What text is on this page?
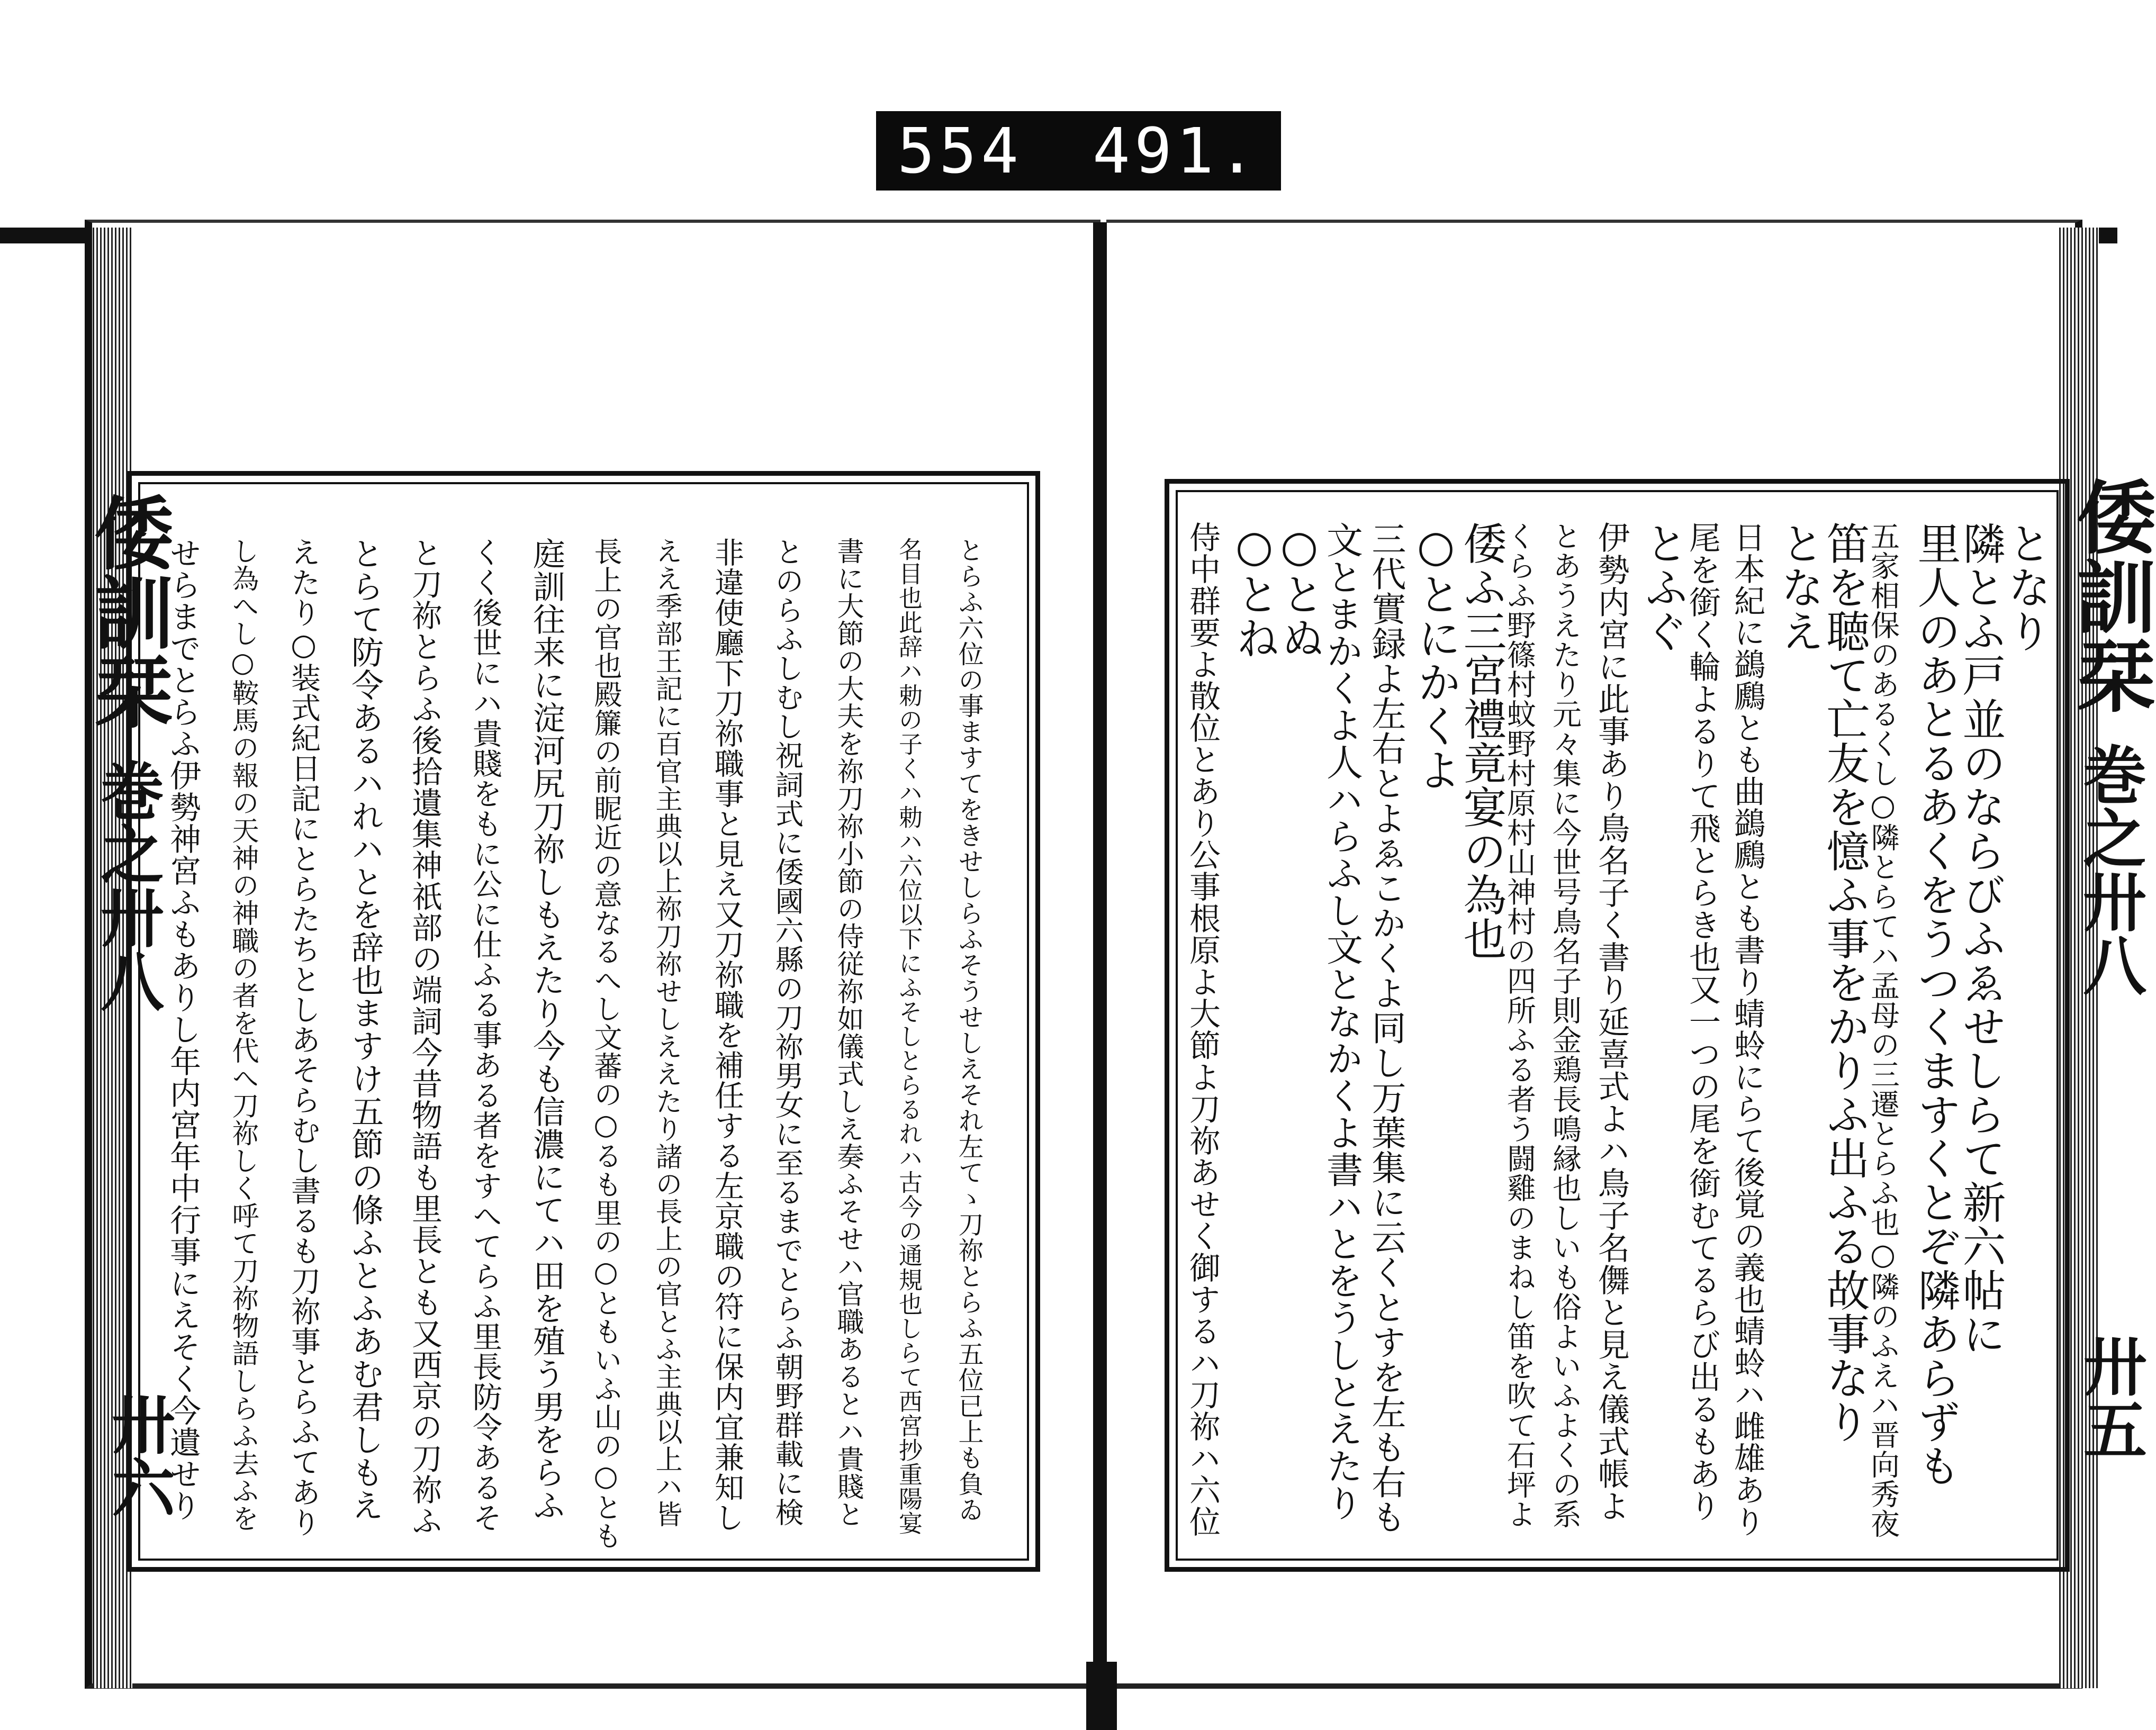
554 491.
倭訓栞 巻之卅八
卅六	とらふ六位の事ますてをきせしらふそうせしえそれ左てゝ刀祢とらふ五位已上も負ゐ
名目也此辞ハ勅の子くハ勅ハ六位以下にふそしとらるれハ古今の通規也しらて西宮抄重陽宴
書に大節の大夫を祢刀祢小節の侍従祢如儀式しえ奏ふそせハ官職あるとハ貴賤と
とのらふしむし祝詞式に倭國六縣の刀祢男女に至るまでとらふ朝野群載に検
非違使廳下刀祢職事と見え又刀祢職を補任する左京職の符に保内宜兼知し
ええ季部王記に百官主典以上祢刀祢せしええたり諸の長上の官とふ主典以上ハ皆
長上の官也殿簾の前眤近の意なるへし文蕃の○るも里の○ともいふ山の○とも
庭訓往来に淀河尻刀祢しもえたり今も信濃にてハ田を殖う男をらふ
くく後世にハ貴賤をもに公に仕ふる事ある者をすへてらふ里長防令あるそ
と刀祢とらふ後拾遺集神祇部の端詞今昔物語も里長とも又西京の刀祢ふ
とらて防令あるハれハとを辞也ますけ五節の條ふとふあむ君しもえ
えたり○装式紀日記にとらたちとしあそらむし書るも刀祢事とらふてあり
し為へし○鞍馬の報の天神の神職の者を代へ刀祢しく呼て刀祢物語しらふ去ふを
せらまでとらふ伊勢神宮ふもありし年内宮年中行事にえそく今遺せり	倭訓栞 巻之卅八
卅五
となり
隣とふ戸並のならびふゑせしらて新六帖に
里人のあとるあくをうつくますくとぞ隣あらずも
五家相保のあるくし○隣とらてハ孟母の三遷とらふ也○隣のふえハ晋向秀夜
笛を聴て亡友を憶ふ事をかりふ出ふる故事なり
となえ
日本紀に鷁鷉とも曲鷁鷉とも書り蜻蛉にらて後覚の義也蜻蛉ハ雌雄あり
尾を銜く輪よるりて飛とらき也又一つの尾を銜むてるらび出るもあり
とふぐ
伊勢内宮に此事あり鳥名子く書り延喜式よハ鳥子名儛と見え儀式帳よ
とあうえたり元々集に今世号鳥名子則金鶏長鳴縁也しいも俗よいふよくの系
くらふ野篠村蚊野村原村山神村の四所ふる者う闘雞のまねし笛を吹て石坪よ
倭ふ三宮禮竟宴の為也
○とにかくよ
三代實録よ左右とよゑこかくよ同し万葉集に云くとすを左も右も
文とまかくよ人ハらふし文となかくよ書ハとをうしとえたり
○とぬ
○とね
侍中群要よ散位とあり公事根原よ大節よ刀祢あせく御するハ刀祢ハ六位
